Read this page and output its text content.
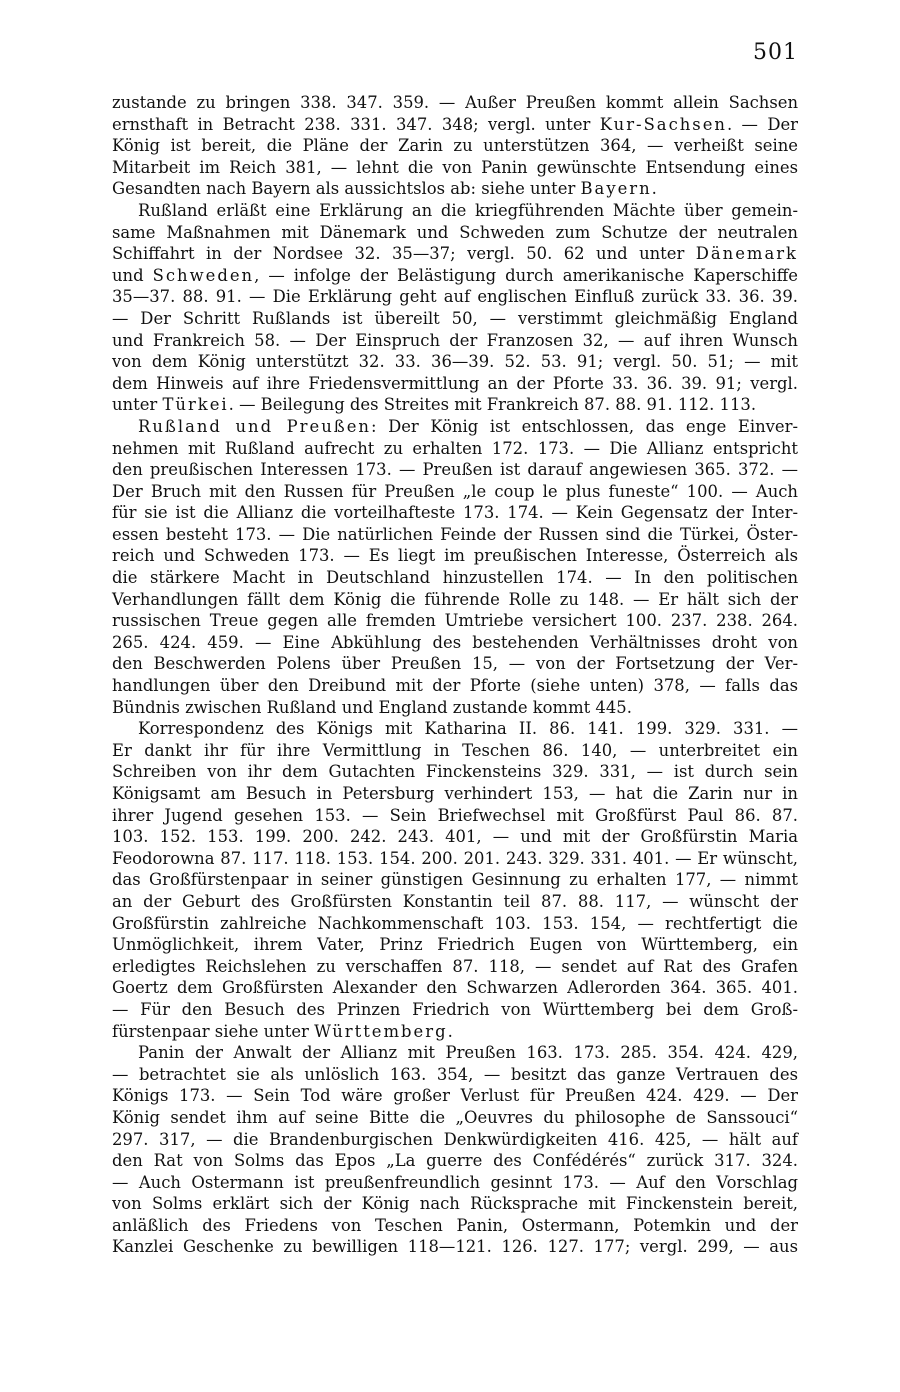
501
zustande zu bringen 338. 347. 359. — Außer Preußen kommt allein Sachsen
ernsthaft in Betracht 238. 331. 347. 348; vergl. unter Kur-Sachsen. — Der
König ist bereit, die Pläne der Zarin zu unterstützen 364, — verheißt seine
Mitarbeit im Reich 381, — lehnt die von Panin gewünschte Entsendung eines
Gesandten nach Bayern als aussichtslos ab: siehe unter Bayern.
Rußland erläßt eine Erklärung an die kriegführenden Mächte über gemein-
same Maßnahmen mit Dänemark und Schweden zum Schutze der neutralen
Schiffahrt in der Nordsee 32. 35—37; vergl. 50. 62 und unter Dänemark
und Schweden, — infolge der Belästigung durch amerikanische Kaperschiffe
35—37. 88. 91. — Die Erklärung geht auf englischen Einfluß zurück 33. 36. 39.
— Der Schritt Rußlands ist übereilt 50, — verstimmt gleichmäßig England
und Frankreich 58. — Der Einspruch der Franzosen 32, — auf ihren Wunsch
von dem König unterstützt 32. 33. 36—39. 52. 53. 91; vergl. 50. 51; — mit
dem Hinweis auf ihre Friedensvermittlung an der Pforte 33. 36. 39. 91; vergl.
unter Türkei. — Beilegung des Streites mit Frankreich 87. 88. 91. 112. 113.
Rußland und Preußen: Der König ist entschlossen, das enge Einver-
nehmen mit Rußland aufrecht zu erhalten 172. 173. — Die Allianz entspricht
den preußischen Interessen 173. — Preußen ist darauf angewiesen 365. 372. —
Der Bruch mit den Russen für Preußen „le coup le plus funeste“ 100. — Auch
für sie ist die Allianz die vorteilhafteste 173. 174. — Kein Gegensatz der Inter-
essen besteht 173. — Die natürlichen Feinde der Russen sind die Türkei, Öster-
reich und Schweden 173. — Es liegt im preußischen Interesse, Österreich als
die stärkere Macht in Deutschland hinzustellen 174. — In den politischen
Verhandlungen fällt dem König die führende Rolle zu 148. — Er hält sich der
russischen Treue gegen alle fremden Umtriebe versichert 100. 237. 238. 264.
265. 424. 459. — Eine Abkühlung des bestehenden Verhältnisses droht von
den Beschwerden Polens über Preußen 15, — von der Fortsetzung der Ver-
handlungen über den Dreibund mit der Pforte (siehe unten) 378, — falls das
Bündnis zwischen Rußland und England zustande kommt 445.
Korrespondenz des Königs mit Katharina II. 86. 141. 199. 329. 331. —
Er dankt ihr für ihre Vermittlung in Teschen 86. 140, — unterbreitet ein
Schreiben von ihr dem Gutachten Finckensteins 329. 331, — ist durch sein
Königsamt am Besuch in Petersburg verhindert 153, — hat die Zarin nur in
ihrer Jugend gesehen 153. — Sein Briefwechsel mit Großfürst Paul 86. 87.
103. 152. 153. 199. 200. 242. 243. 401, — und mit der Großfürstin Maria
Feodorowna 87. 117. 118. 153. 154. 200. 201. 243. 329. 331. 401. — Er wünscht,
das Großfürstenpaar in seiner günstigen Gesinnung zu erhalten 177, — nimmt
an der Geburt des Großfürsten Konstantin teil 87. 88. 117, — wünscht der
Großfürstin zahlreiche Nachkommenschaft 103. 153. 154, — rechtfertigt die
Unmöglichkeit, ihrem Vater, Prinz Friedrich Eugen von Württemberg, ein
erledigtes Reichslehen zu verschaffen 87. 118, — sendet auf Rat des Grafen
Goertz dem Großfürsten Alexander den Schwarzen Adlerorden 364. 365. 401.
— Für den Besuch des Prinzen Friedrich von Württemberg bei dem Groß-
fürstenpaar siehe unter Württemberg.
Panin der Anwalt der Allianz mit Preußen 163. 173. 285. 354. 424. 429,
— betrachtet sie als unlöslich 163. 354, — besitzt das ganze Vertrauen des
Königs 173. — Sein Tod wäre großer Verlust für Preußen 424. 429. — Der
König sendet ihm auf seine Bitte die „Oeuvres du philosophe de Sanssouci“
297. 317, — die Brandenburgischen Denkwürdigkeiten 416. 425, — hält auf
den Rat von Solms das Epos „La guerre des Confédérés“ zurück 317. 324.
— Auch Ostermann ist preußenfreundlich gesinnt 173. — Auf den Vorschlag
von Solms erklärt sich der König nach Rücksprache mit Finckenstein bereit,
anläßlich des Friedens von Teschen Panin, Ostermann, Potemkin und der
Kanzlei Geschenke zu bewilligen 118—121. 126. 127. 177; vergl. 299, — aus
